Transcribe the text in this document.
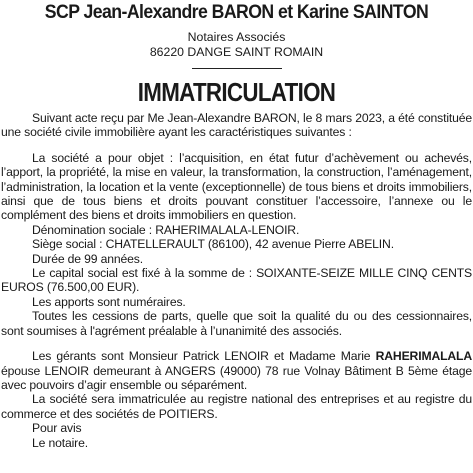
SCP Jean-Alexandre BARON et Karine SAINTON
Notaires Associés
86220 DANGE SAINT ROMAIN
IMMATRICULATION

Suivant acte reçu par Me Jean-Alexandre BARON, le 8 mars 2023, a été constituée une société civile immobilière ayant les caractéristiques suivantes :

La société a pour objet : l’acquisition, en état futur d’achèvement ou achevés, l’apport, la propriété, la mise en valeur, la transformation, la construction, l’aménagement, l’administration, la location et la vente (exceptionnelle) de tous biens et droits immobiliers, ainsi que de tous biens et droits pouvant constituer l’accessoire, l’annexe ou le complément des biens et droits immobiliers en question.

Dénomination sociale : RAHERIMALALA-LENOIR.

Siège social : CHATELLERAULT (86100), 42 avenue Pierre ABELIN.

Durée de 99 années.

Le capital social est fixé à la somme de : SOIXANTE-SEIZE MILLE CINQ CENTS EUROS (76.500,00 EUR).

Les apports sont numéraires.

Toutes les cessions de parts, quelle que soit la qualité du ou des cessionnaires, sont soumises à l'agrément préalable à l’unanimité des associés.

Les gérants sont Monsieur Patrick LENOIR et Madame Marie RAHERIMALALA épouse LENOIR demeurant à ANGERS (49000) 78 rue Volnay Bâtiment B 5ème étage avec pouvoirs d’agir ensemble ou séparément.

La société sera immatriculée au registre national des entreprises et au registre du commerce et des sociétés de POITIERS.

Pour avis

Le notaire.
